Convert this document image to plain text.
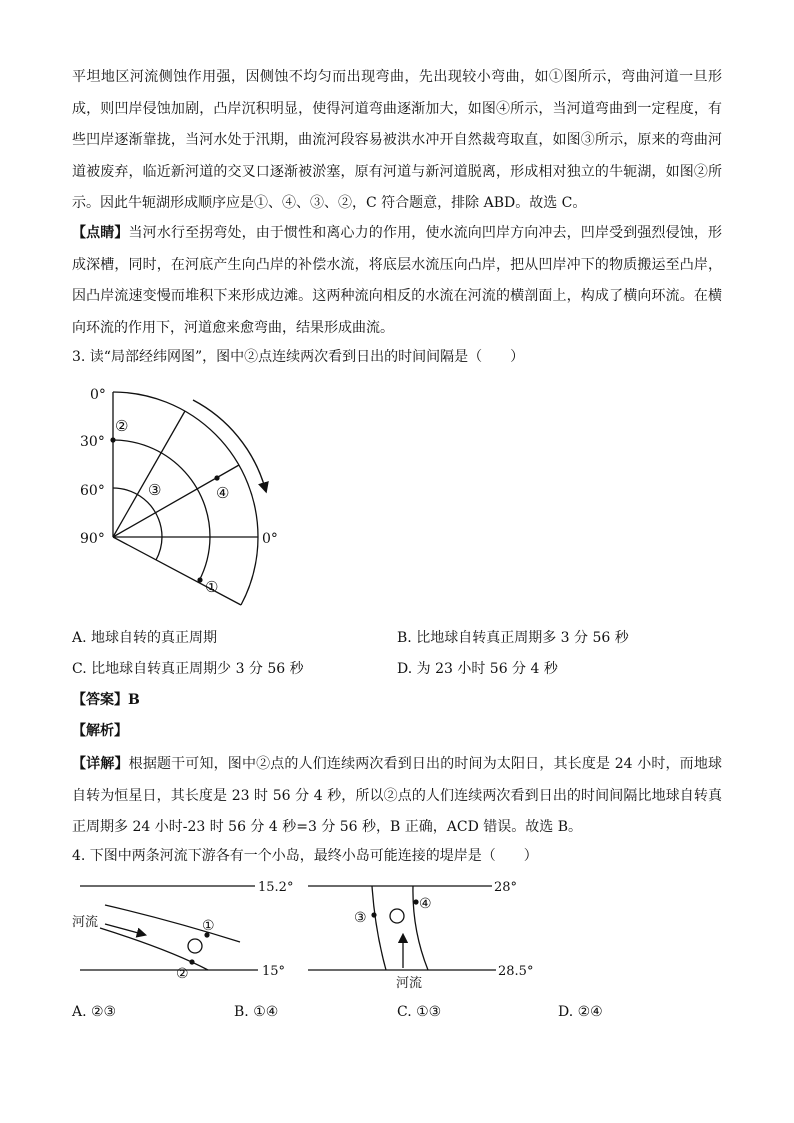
平坦地区河流侧蚀作用强，因侧蚀不均匀而出现弯曲，先出现较小弯曲，如①图所示，弯曲河道一旦形成，则凹岸侵蚀加剧，凸岸沉积明显，使得河道弯曲逐渐加大，如图④所示，当河道弯曲到一定程度，有些凹岸逐渐靠拢，当河水处于汛期，曲流河段容易被洪水冲开自然裁弯取直，如图③所示，原来的弯曲河道被废弃，临近新河道的交叉口逐渐被淤塞，原有河道与新河道脱离，形成相对独立的牛轭湖，如图②所示。因此牛轭湖形成顺序应是①、④、③、②，C 符合题意，排除 ABD。故选 C。

【点睛】当河水行至拐弯处，由于惯性和离心力的作用，使水流向凹岸方向冲去，凹岸受到强烈侵蚀，形成深槽，同时，在河底产生向凸岸的补偿水流，将底层水流压向凸岸，把从凹岸冲下的物质搬运至凸岸，因凸岸流速变慢而堆积下来形成边滩。这两种流向相反的水流在河流的横剖面上，构成了横向环流。在横向环流的作用下，河道愈来愈弯曲，结果形成曲流。

3. 读“局部经纬网图”，图中②点连续两次看到日出的时间间隔是（　　）
0°
30°
60°
90°	0°
②
③	④
①
A. 地球自转的真正周期	B. 比地球自转真正周期多 3 分 56 秒
C. 比地球自转真正周期少 3 分 56 秒	D. 为 23 小时 56 分 4 秒
【答案】B
【解析】

【详解】根据题干可知，图中②点的人们连续两次看到日出的时间为太阳日，其长度是 24 小时，而地球自转为恒星日，其长度是 23 时 56 分 4 秒，所以②点的人们连续两次看到日出的时间间隔比地球自转真正周期多 24 小时-23 时 56 分 4 秒=3 分 56 秒，B 正确，ACD 错误。故选 B。

4. 下图中两条河流下游各有一个小岛，最终小岛可能连接的堤岸是（　　）
15.2°
15°
河流	①
②
28°
28.5°
河流
③
④
A. ②③	B. ①④	C. ①③	D. ②④
